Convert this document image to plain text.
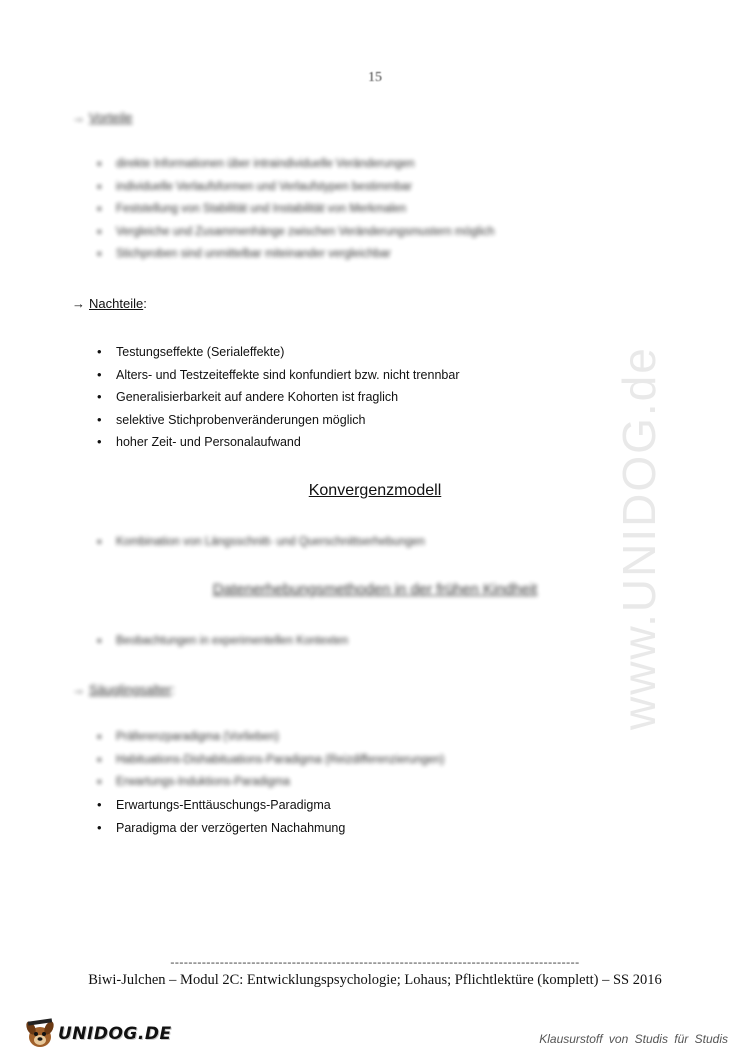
www.UNIDOG.de
15
→ Vorteile
• direkte Informationen über intraindividuelle Veränderungen
• individuelle Verlaufsformen und Verlaufstypen bestimmbar
• Feststellung von Stabilität und Instabilität von Merkmalen
• Vergleiche und Zusammenhänge zwischen Veränderungsmustern möglich
• Stichproben sind unmittelbar miteinander vergleichbar
→ Nachteile:
• Testungseffekte (Serialeffekte)
• Alters- und Testzeiteffekte sind konfundiert bzw. nicht trennbar
• Generalisierbarkeit auf andere Kohorten ist fraglich
• selektive Stichprobenveränderungen möglich
• hoher Zeit- und Personalaufwand
Konvergenzmodell
• Kombination von Längsschnitt- und Querschnittserhebungen
Datenerhebungsmethoden in der frühen Kindheit
• Beobachtungen in experimentellen Kontexten
→ Säuglingsalter:
• Präferenzparadigma (Vorlieben)
• Habituations-Dishabituations-Paradigma (Reizdifferenzierungen)
• Erwartungs-Induktions-Paradigma
• Erwartungs-Enttäuschungs-Paradigma
• Paradigma der verzögerten Nachahmung
-------------------------------------------------------------------------------------------
Biwi-Julchen – Modul 2C: Entwicklungspsychologie; Lohaus; Pflichtlektüre (komplett) – SS 2016
UNIDOG.DE	Klausurstoff von Studis für Studis
